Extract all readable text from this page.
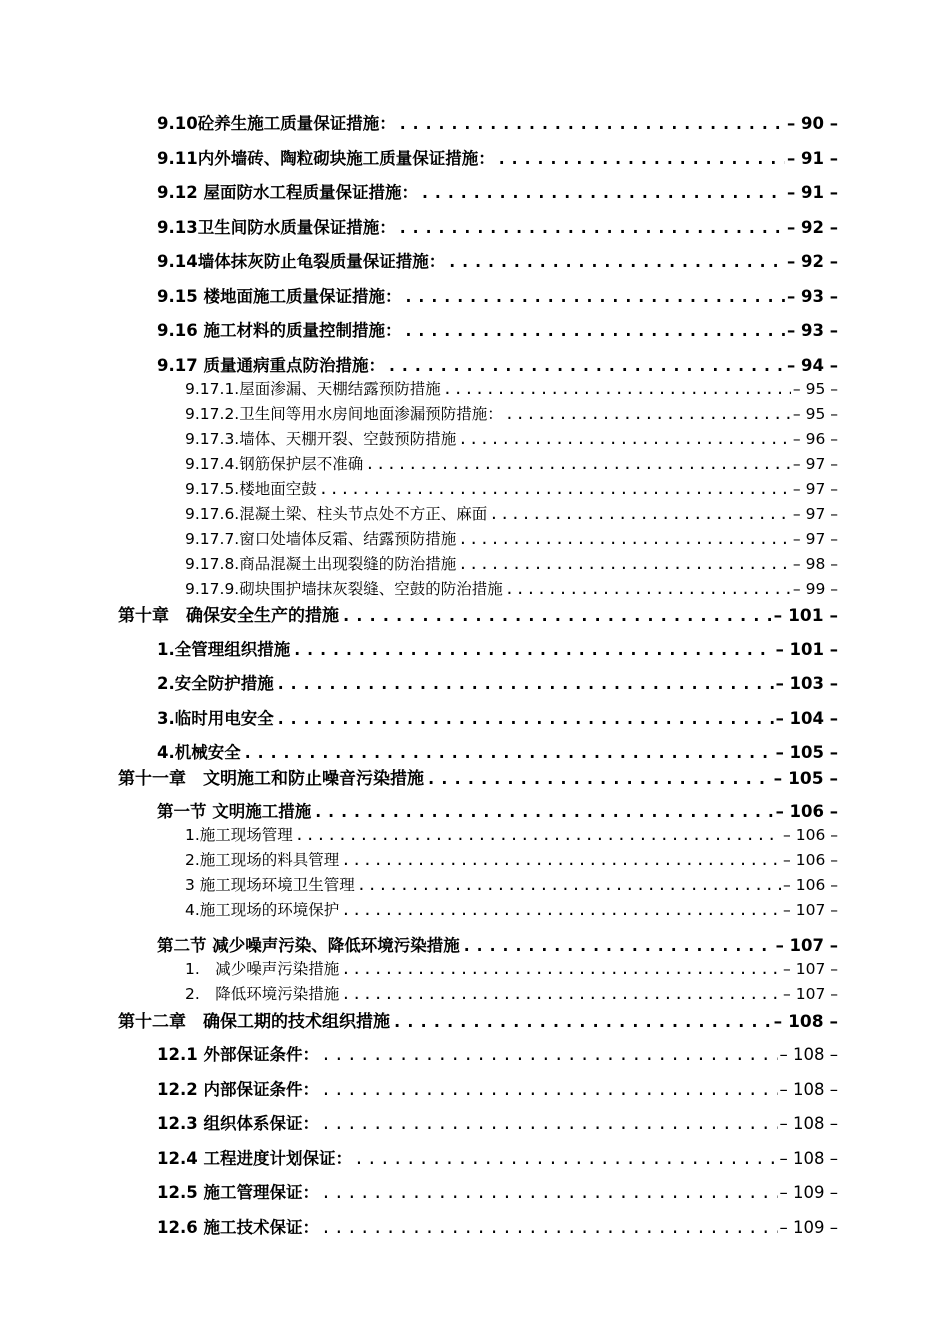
9.10砼养生施工质量保证措施： .....	– 90 –
9.11内外墙砖、陶粒砌块施工质量保证措施： .....	– 91 –
9.12 屋面防水工程质量保证措施： .....	– 91 –
9.13卫生间防水质量保证措施： .....	– 92 –
9.14墙体抹灰防止龟裂质量保证措施： .....	– 92 –
9.15 楼地面施工质量保证措施： .....	– 93 –
9.16 施工材料的质量控制措施： .....	– 93 –
9.17 质量通病重点防治措施： .....	– 94 –
9.17.1.屋面渗漏、天棚结露预防措施 .....	– 95 –
9.17.2.卫生间等用水房间地面渗漏预防措施： .....	– 95 –
9.17.3.墙体、天棚开裂、空鼓预防措施 .....	– 96 –
9.17.4.钢筋保护层不准确 .....	– 97 –
9.17.5.楼地面空鼓 .....	– 97 –
9.17.6.混凝土梁、柱头节点处不方正、麻面 .....	– 97 –
9.17.7.窗口处墙体反霜、结露预防措施 .....	– 97 –
9.17.8.商品混凝土出现裂缝的防治措施 .....	– 98 –
9.17.9.砌块围护墙抹灰裂缝、空鼓的防治措施 .....	– 99 –
第十章　确保安全生产的措施 .....	– 101 –
1.全管理组织措施 .....	– 101 –
2.安全防护措施 .....	– 103 –
3.临时用电安全 .....	– 104 –
4.机械安全 .....	– 105 –
第十一章　文明施工和防止噪音污染措施 .....	– 105 –
第一节 文明施工措施 .....	– 106 –
1.施工现场管理 .....	– 106 –
2.施工现场的料具管理 .....	– 106 –
3 施工现场环境卫生管理 .....	– 106 –
4.施工现场的环境保护 .....	– 107 –
第二节 减少噪声污染、降低环境污染措施 .....	– 107 –
1.　减少噪声污染措施 .....	– 107 –
2.　降低环境污染措施 .....	– 107 –
第十二章　确保工期的技术组织措施 .....	– 108 –
12.1 外部保证条件： .....	– 108 –
12.2 内部保证条件： .....	– 108 –
12.3 组织体系保证： .....	– 108 –
12.4 工程进度计划保证： .....	– 108 –
12.5 施工管理保证： .....	– 109 –
12.6 施工技术保证： .....	– 109 –
